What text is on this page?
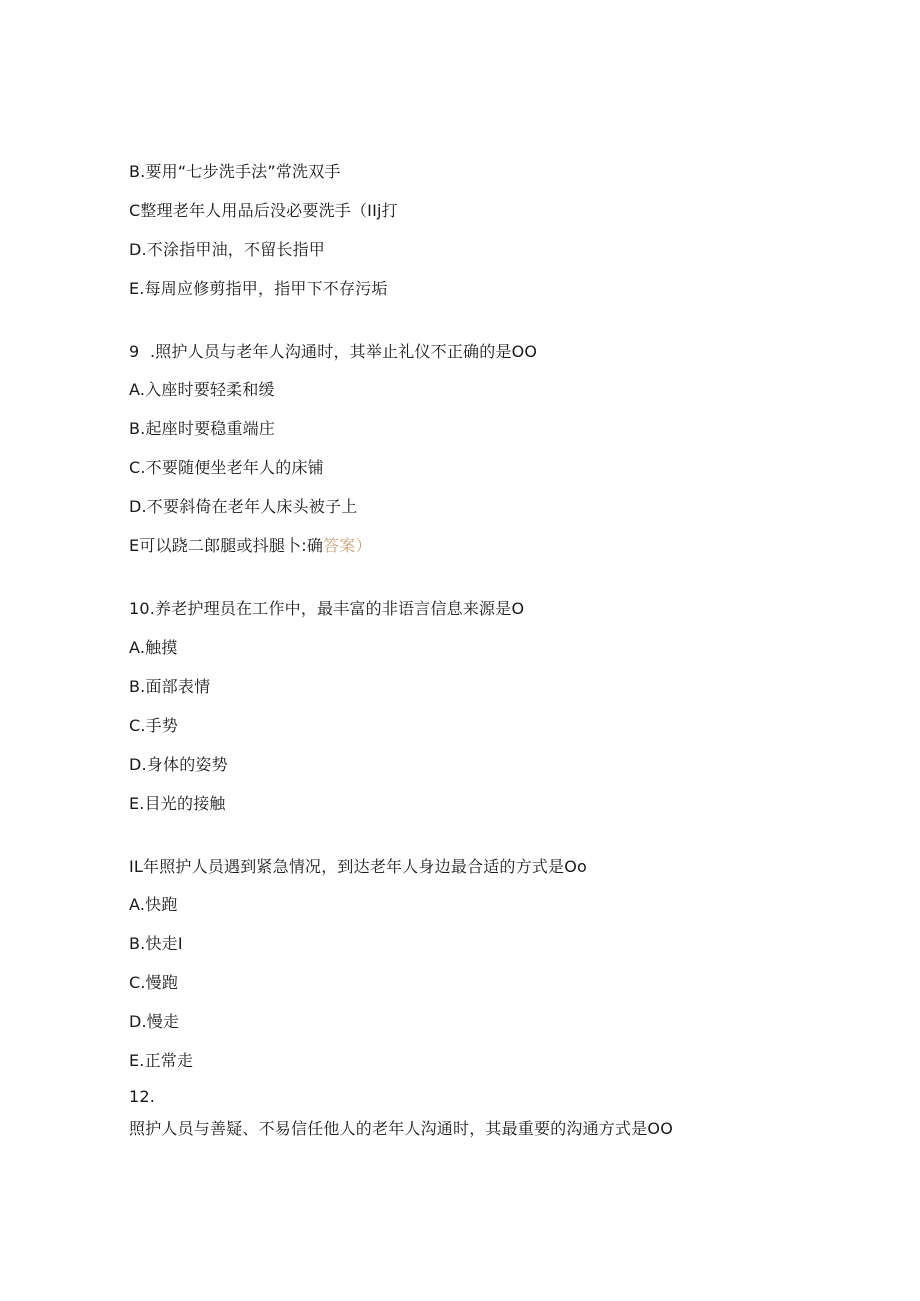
B.要用“七步洗手法”常洗双手
C整理老年人用品后没必要洗手（IIj打
D.不涂指甲油，不留长指甲
E.每周应修剪指甲，指甲下不存污垢
9  .照护人员与老年人沟通时，其举止礼仪不正确的是OO
A.入座时要轻柔和缓
B.起座时要稳重端庄
C.不要随便坐老年人的床铺
D.不要斜倚在老年人床头被子上
E可以跷二郎腿或抖腿卜:确答案）
10.养老护理员在工作中，最丰富的非语言信息来源是O
A.触摸
B.面部表情
C.手势
D.身体的姿势
E.目光的接触
IL年照护人员遇到紧急情况，到达老年人身边最合适的方式是Oo
A.快跑
B.快走I
C.慢跑
D.慢走
E.正常走
12.
照护人员与善疑、不易信任他人的老年人沟通时，其最重要的沟通方式是OO
